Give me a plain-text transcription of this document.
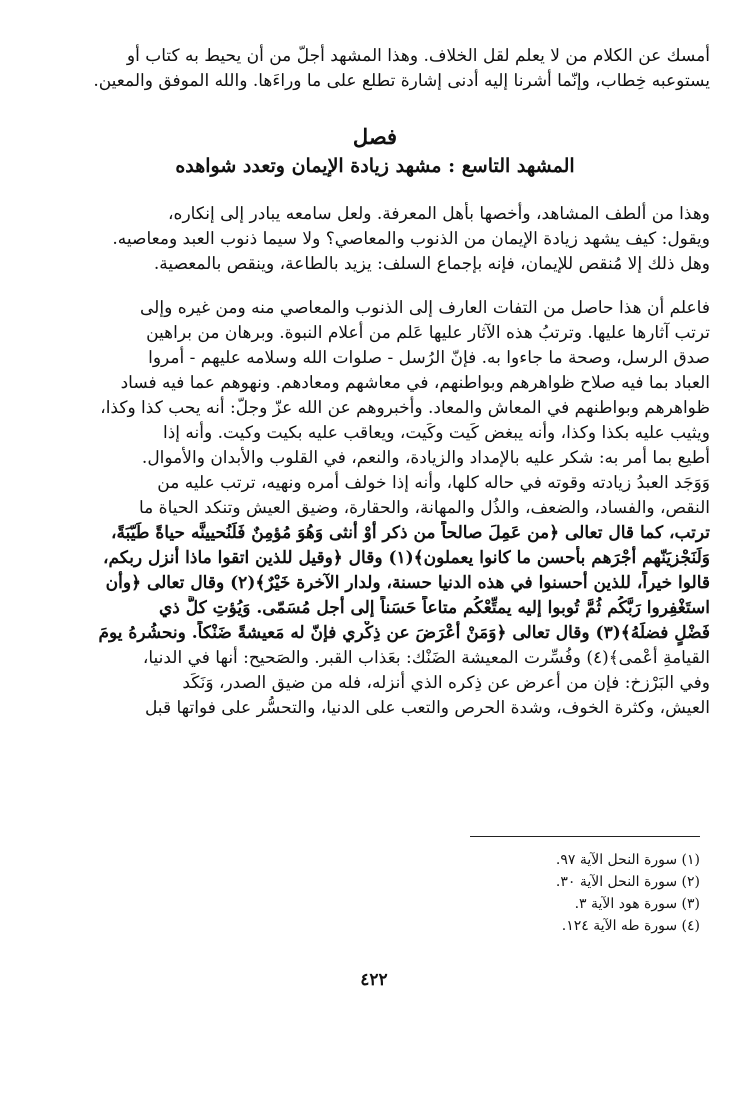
أمسك عن الكلام من لا يعلم لقل الخلاف. وهذا المشهد أجلّ من أن يحيط به كتاب أو
يستوعبه خِطاب، وإنّما أشرنا إليه أدنى إشارة تطلع على ما وراءَها. والله الموفق والمعين.
فصل
المشهد التاسع : مشهد زيادة الإيمان وتعدد شواهده
وهذا من ألطف المشاهد، وأخصها بأهل المعرفة. ولعل سامعه يبادر إلى إنكاره،
ويقول: كيف يشهد زيادة الإيمان من الذنوب والمعاصي؟ ولا سيما ذنوب العبد ومعاصيه.
وهل ذلك إلا مُنقص للإيمان، فإنه بإجماع السلف: يزيد بالطاعة، وينقص بالمعصية.
فاعلم أن هذا حاصل من التفات العارف إلى الذنوب والمعاصي منه ومن غيره وإلى
ترتب آثارها عليها. وترتبُ هذه الآثار عليها عَلم من أعلام النبوة. وبرهان من براهين
صدق الرسل، وصحة ما جاءوا به. فإنّ الرُسل - صلوات الله وسلامه عليهم - أمروا
العباد بما فيه صلاح ظواهرهم وبواطنهم، في معاشهم ومعادهم. ونهوهم عما فيه فساد
ظواهرهم وبواطنهم في المعاش والمعاد. وأخبروهم عن الله عزّ وجلّ: أنه يحب كذا وكذا،
ويثيب عليه بكذا وكذا، وأنه يبغض كَيت وكَيت، ويعاقب عليه بكيت وكيت. وأنه إذا
أُطيع بما أمر به: شكر عليه بالإمداد والزيادة، والنعم، في القلوب والأبدان والأموال.
وَوَجَد العبدُ زيادته وقوته في حاله كلها، وأنه إذا خولف أمره ونهيه، ترتب عليه من
النقص، والفساد، والضعف، والذُل والمهانة، والحقارة، وضيق العيش وتنكد الحياة ما
ترتب، كما قال تعالى ﴿من عَمِلَ صالحاً من ذكر أوْ أنثى وَهُوَ مُؤمِنٌ فَلَنُحيينَّه حياةً طَيّبَةً،
وَلَنَجْزيَنّهم أَجْرَهم بأحسن ما كانوا يعملون﴾(١) وقال ﴿وقيل للذين اتقوا ماذا أنزل ربكم،
قالوا خيراً، للذين أحسنوا في هذه الدنيا حسنة، ولدار الآخرة خَيْرٌ﴾(٢) وقال تعالى ﴿وأن
استَغْفِروا رَبَّكُم ثُمَّ تُوبوا إليه يمتِّعْكُم متاعاً حَسَناً إلى أجل مُسَمّى. وَيُؤتِ كلَّ ذي
فَضْلٍ فضلَهُ﴾(٣) وقال تعالى ﴿وَمَنْ أعْرَضَ عن ذِكْري فإنّ له مَعيشةً ضَنْكاً. ونحشُرهُ يومَ
القيامةِ أعْمى﴾(٤) وفُسِّرت المعيشة الضَنْك: بعَذاب القبر. والصَحيح: أنها في الدنيا،
وفي البَرْزخ: فإن من أعرض عن ذِكره الذي أنزله، فله من ضيق الصدر، وَنَكَد
العيش، وكثرة الخوف، وشدة الحرص والتعب على الدنيا، والتحسُّر على فواتها قبل
(١) سورة النحل الآية ٩٧.
(٢) سورة النحل الآية ٣٠.
(٣) سورة هود الآية ٣.
(٤) سورة طه الآية ١٢٤.
٤٢٢
